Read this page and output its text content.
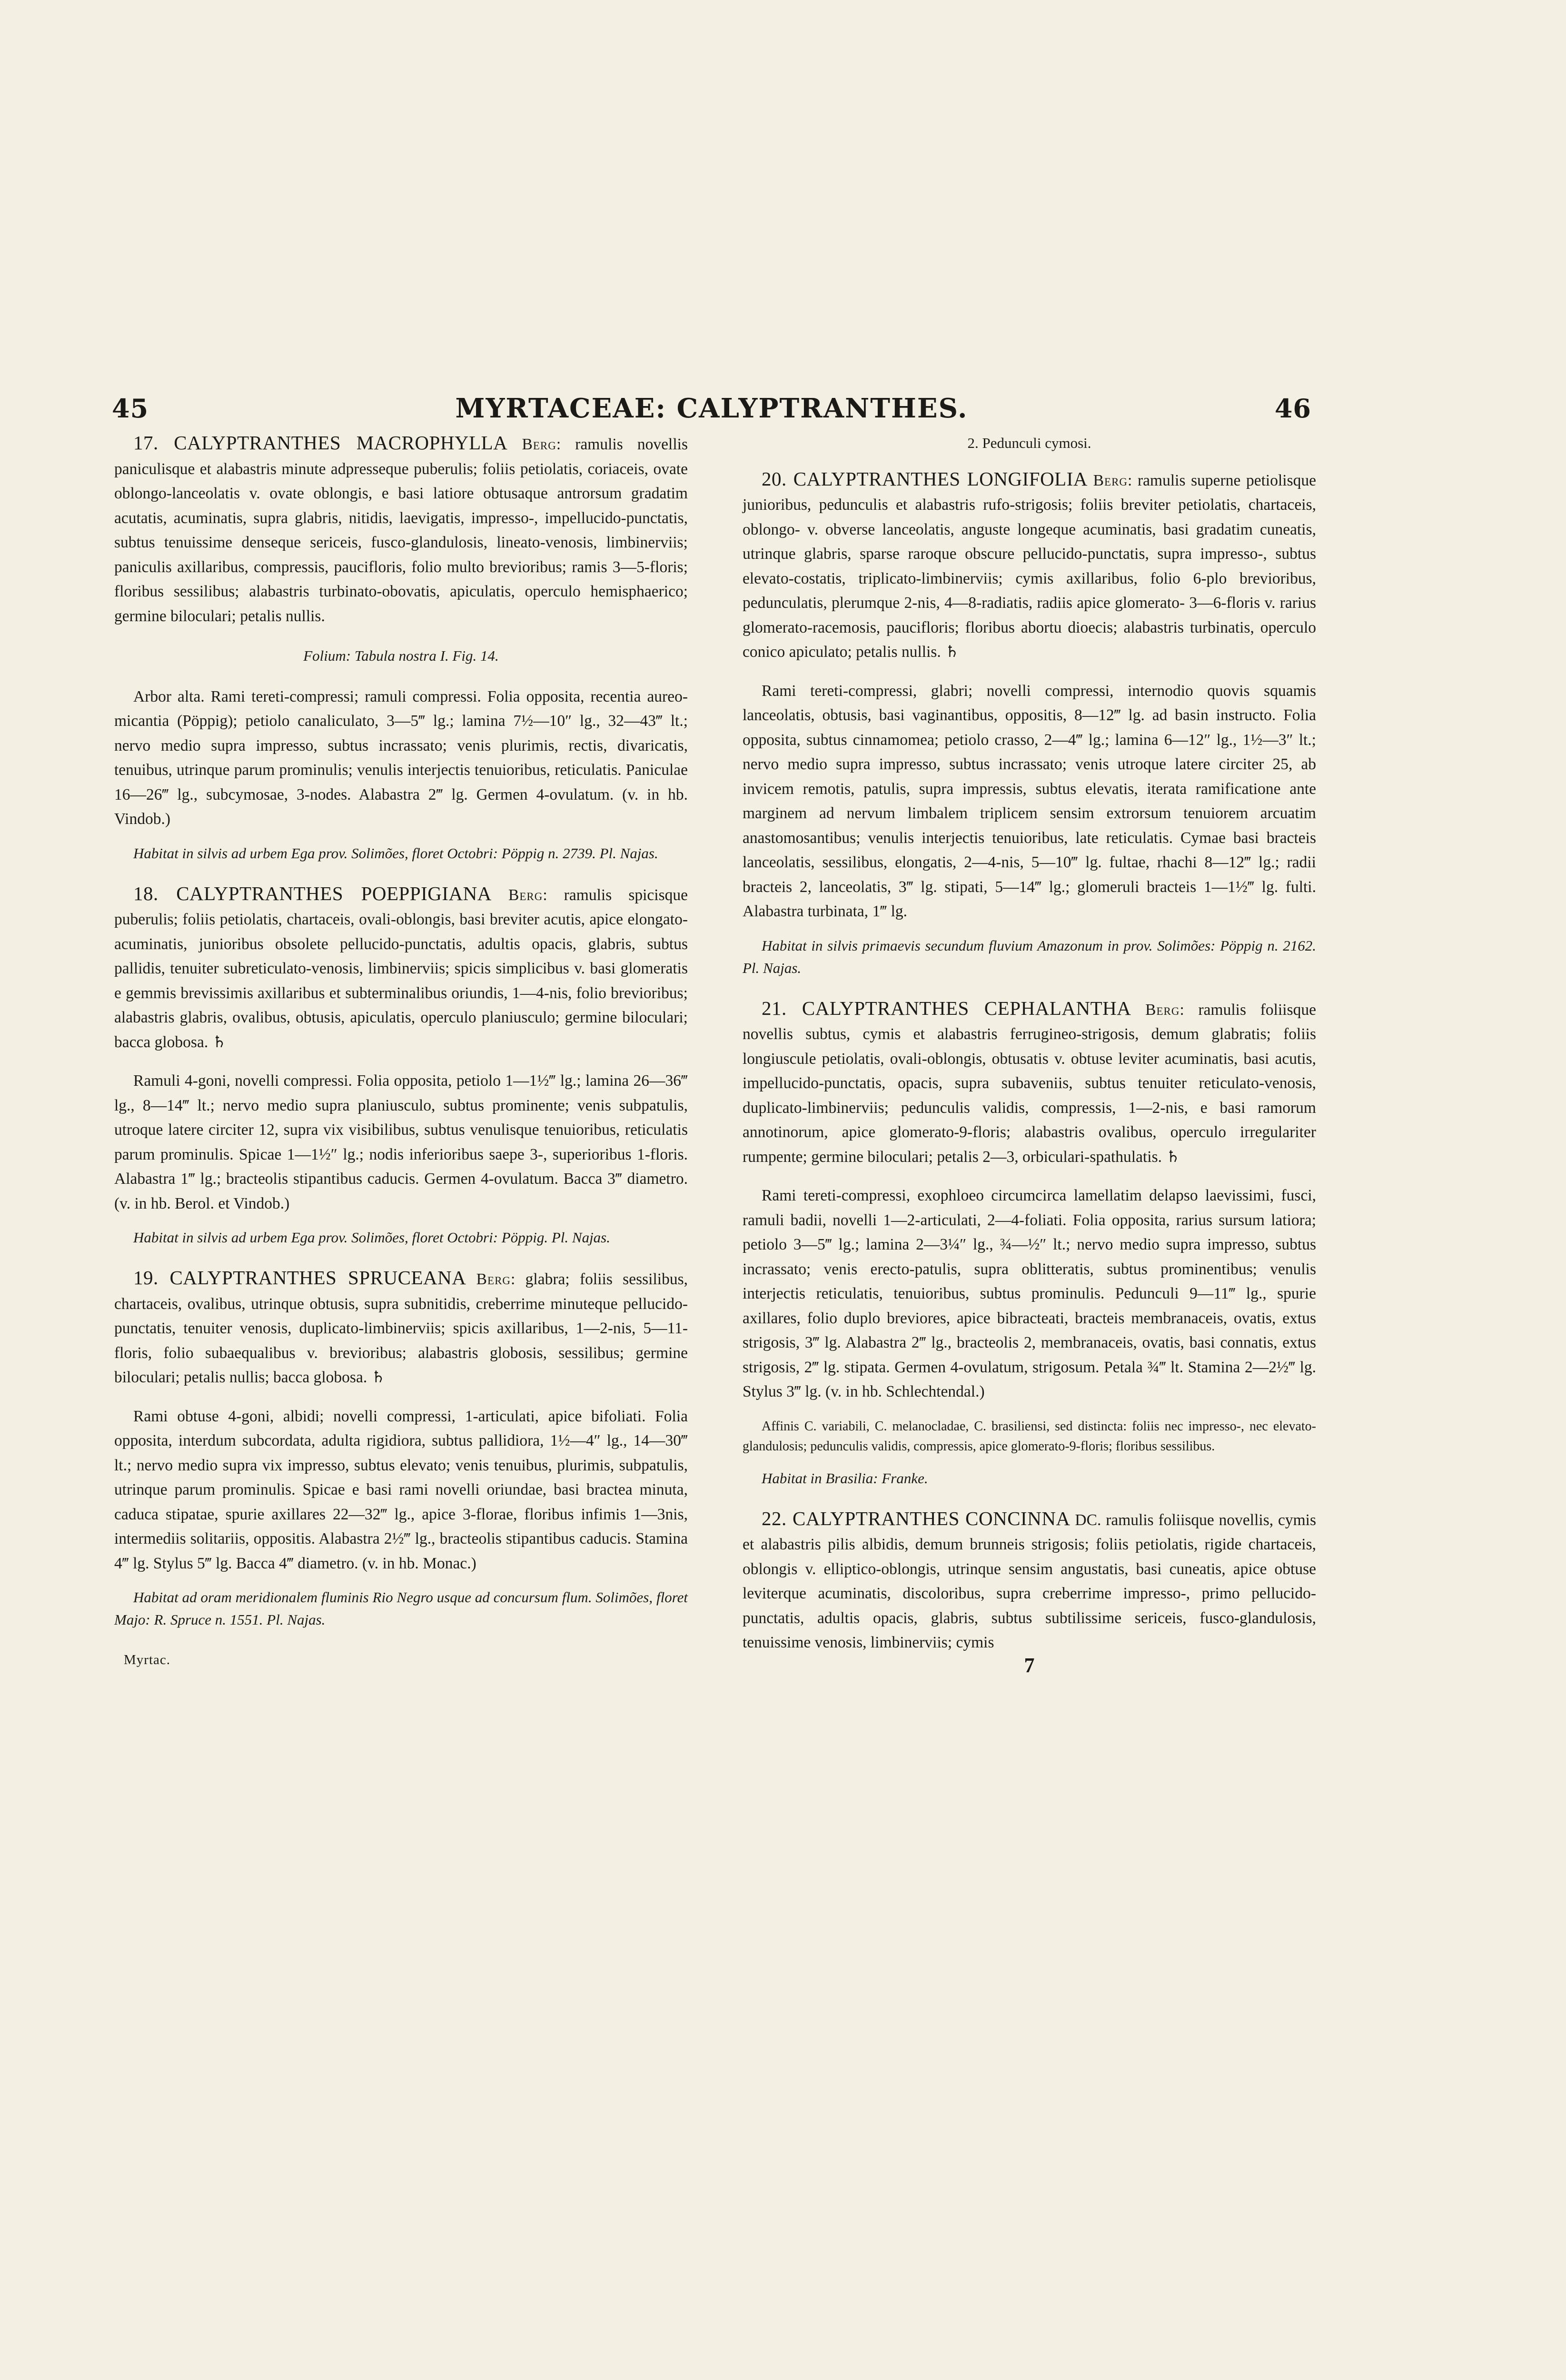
45	MYRTACEAE: CALYPTRANTHES.	46

17. CALYPTRANTHES MACROPHYLLA Berg: ramulis novellis paniculisque et alabastris minute adpresseque puberulis; foliis petiolatis, coriaceis, ovate oblongo-lanceolatis v. ovate oblongis, e basi latiore obtusaque antrorsum gradatim acutatis, acuminatis, supra glabris, nitidis, laevigatis, impresso-, impellucido-punctatis, subtus tenuissime denseque sericeis, fusco-glandulosis, lineato-venosis, limbinerviis; paniculis axillaribus, compressis, paucifloris, folio multo brevioribus; ramis 3—5-floris; floribus sessilibus; alabastris turbinato-obovatis, apiculatis, operculo hemisphaerico; germine biloculari; petalis nullis.

Folium: Tabula nostra I. Fig. 14.

Arbor alta. Rami tereti-compressi; ramuli compressi. Folia opposita, recentia aureo-micantia (Pöppig); petiolo canaliculato, 3—5‴ lg.; lamina 7½—10″ lg., 32—43‴ lt.; nervo medio supra impresso, subtus incrassato; venis plurimis, rectis, divaricatis, tenuibus, utrinque parum prominulis; venulis interjectis tenuioribus, reticulatis. Paniculae 16—26‴ lg., subcymosae, 3-nodes. Alabastra 2‴ lg. Germen 4-ovulatum. (v. in hb. Vindob.)

Habitat in silvis ad urbem Ega prov. Solimões, floret Octobri: Pöppig n. 2739. Pl. Najas.

18. CALYPTRANTHES POEPPIGIANA Berg: ramulis spicisque puberulis; foliis petiolatis, chartaceis, ovali-oblongis, basi breviter acutis, apice elongato-acuminatis, junioribus obsolete pellucido-punctatis, adultis opacis, glabris, subtus pallidis, tenuiter subreticulato-venosis, limbinerviis; spicis simplicibus v. basi glomeratis e gemmis brevissimis axillaribus et subterminalibus oriundis, 1—4-nis, folio brevioribus; alabastris glabris, ovalibus, obtusis, apiculatis, operculo planiusculo; germine biloculari; bacca globosa. ♄

Ramuli 4-goni, novelli compressi. Folia opposita, petiolo 1—1½‴ lg.; lamina 26—36‴ lg., 8—14‴ lt.; nervo medio supra planiusculo, subtus prominente; venis subpatulis, utroque latere circiter 12, supra vix visibilibus, subtus venulisque tenuioribus, reticulatis parum prominulis. Spicae 1—1½″ lg.; nodis inferioribus saepe 3-, superioribus 1-floris. Alabastra 1‴ lg.; bracteolis stipantibus caducis. Germen 4-ovulatum. Bacca 3‴ diametro. (v. in hb. Berol. et Vindob.)

Habitat in silvis ad urbem Ega prov. Solimões, floret Octobri: Pöppig. Pl. Najas.

19. CALYPTRANTHES SPRUCEANA Berg: glabra; foliis sessilibus, chartaceis, ovalibus, utrinque obtusis, supra subnitidis, creberrime minuteque pellucido-punctatis, tenuiter venosis, duplicato-limbinerviis; spicis axillaribus, 1—2-nis, 5—11-floris, folio subaequalibus v. brevioribus; alabastris globosis, sessilibus; germine biloculari; petalis nullis; bacca globosa. ♄

Rami obtuse 4-goni, albidi; novelli compressi, 1-articulati, apice bifoliati. Folia opposita, interdum subcordata, adulta rigidiora, subtus pallidiora, 1½—4″ lg., 14—30‴ lt.; nervo medio supra vix impresso, subtus elevato; venis tenuibus, plurimis, subpatulis, utrinque parum prominulis. Spicae e basi rami novelli oriundae, basi bractea minuta, caduca stipatae, spurie axillares 22—32‴ lg., apice 3-florae, floribus infimis 1—3nis, intermediis solitariis, oppositis. Alabastra 2½‴ lg., bracteolis stipantibus caducis. Stamina 4‴ lg. Stylus 5‴ lg. Bacca 4‴ diametro. (v. in hb. Monac.)

Habitat ad oram meridionalem fluminis Rio Negro usque ad concursum flum. Solimões, floret Majo: R. Spruce n. 1551. Pl. Najas.

Myrtac.

2. Pedunculi cymosi.

20. CALYPTRANTHES LONGIFOLIA Berg: ramulis superne petiolisque junioribus, pedunculis et alabastris rufo-strigosis; foliis breviter petiolatis, chartaceis, oblongo- v. obverse lanceolatis, anguste longeque acuminatis, basi gradatim cuneatis, utrinque glabris, sparse raroque obscure pellucido-punctatis, supra impresso-, subtus elevato-costatis, triplicato-limbinerviis; cymis axillaribus, folio 6-plo brevioribus, pedunculatis, plerumque 2-nis, 4—8-radiatis, radiis apice glomerato- 3—6-floris v. rarius glomerato-racemosis, paucifloris; floribus abortu dioecis; alabastris turbinatis, operculo conico apiculato; petalis nullis. ♄

Rami tereti-compressi, glabri; novelli compressi, internodio quovis squamis lanceolatis, obtusis, basi vaginantibus, oppositis, 8—12‴ lg. ad basin instructo. Folia opposita, subtus cinnamomea; petiolo crasso, 2—4‴ lg.; lamina 6—12″ lg., 1½—3″ lt.; nervo medio supra impresso, subtus incrassato; venis utroque latere circiter 25, ab invicem remotis, patulis, supra impressis, subtus elevatis, iterata ramificatione ante marginem ad nervum limbalem triplicem sensim extrorsum tenuiorem arcuatim anastomosantibus; venulis interjectis tenuioribus, late reticulatis. Cymae basi bracteis lanceolatis, sessilibus, elongatis, 2—4-nis, 5—10‴ lg. fultae, rhachi 8—12‴ lg.; radii bracteis 2, lanceolatis, 3‴ lg. stipati, 5—14‴ lg.; glomeruli bracteis 1—1½‴ lg. fulti. Alabastra turbinata, 1‴ lg.

Habitat in silvis primaevis secundum fluvium Amazonum in prov. Solimões: Pöppig n. 2162. Pl. Najas.

21. CALYPTRANTHES CEPHALANTHA Berg: ramulis foliisque novellis subtus, cymis et alabastris ferrugineo-strigosis, demum glabratis; foliis longiuscule petiolatis, ovali-oblongis, obtusatis v. obtuse leviter acuminatis, basi acutis, impellucido-punctatis, opacis, supra subaveniis, subtus tenuiter reticulato-venosis, duplicato-limbinerviis; pedunculis validis, compressis, 1—2-nis, e basi ramorum annotinorum, apice glomerato-9-floris; alabastris ovalibus, operculo irregulariter rumpente; germine biloculari; petalis 2—3, orbiculari-spathulatis. ♄

Rami tereti-compressi, exophloeo circumcirca lamellatim delapso laevissimi, fusci, ramuli badii, novelli 1—2-articulati, 2—4-foliati. Folia opposita, rarius sursum latiora; petiolo 3—5‴ lg.; lamina 2—3¼″ lg., ¾—½″ lt.; nervo medio supra impresso, subtus incrassato; venis erecto-patulis, supra oblitteratis, subtus prominentibus; venulis interjectis reticulatis, tenuioribus, subtus prominulis. Pedunculi 9—11‴ lg., spurie axillares, folio duplo breviores, apice bibracteati, bracteis membranaceis, ovatis, extus strigosis, 3‴ lg. Alabastra 2‴ lg., bracteolis 2, membranaceis, ovatis, basi connatis, extus strigosis, 2‴ lg. stipata. Germen 4-ovulatum, strigosum. Petala ¾‴ lt. Stamina 2—2½‴ lg. Stylus 3‴ lg. (v. in hb. Schlechtendal.)

Affinis C. variabili, C. melanocladae, C. brasiliensi, sed distincta: foliis nec impresso-, nec elevato-glandulosis; pedunculis validis, compressis, apice glomerato-9-floris; floribus sessilibus.

Habitat in Brasilia: Franke.

22. CALYPTRANTHES CONCINNA DC. ramulis foliisque novellis, cymis et alabastris pilis albidis, demum brunneis strigosis; foliis petiolatis, rigide chartaceis, oblongis v. elliptico-oblongis, utrinque sensim angustatis, basi cuneatis, apice obtuse leviterque acuminatis, discoloribus, supra creberrime impresso-, primo pellucido-punctatis, adultis opacis, glabris, subtus subtilissime sericeis, fusco-glandulosis, tenuissime venosis, limbinerviis; cymis

7
